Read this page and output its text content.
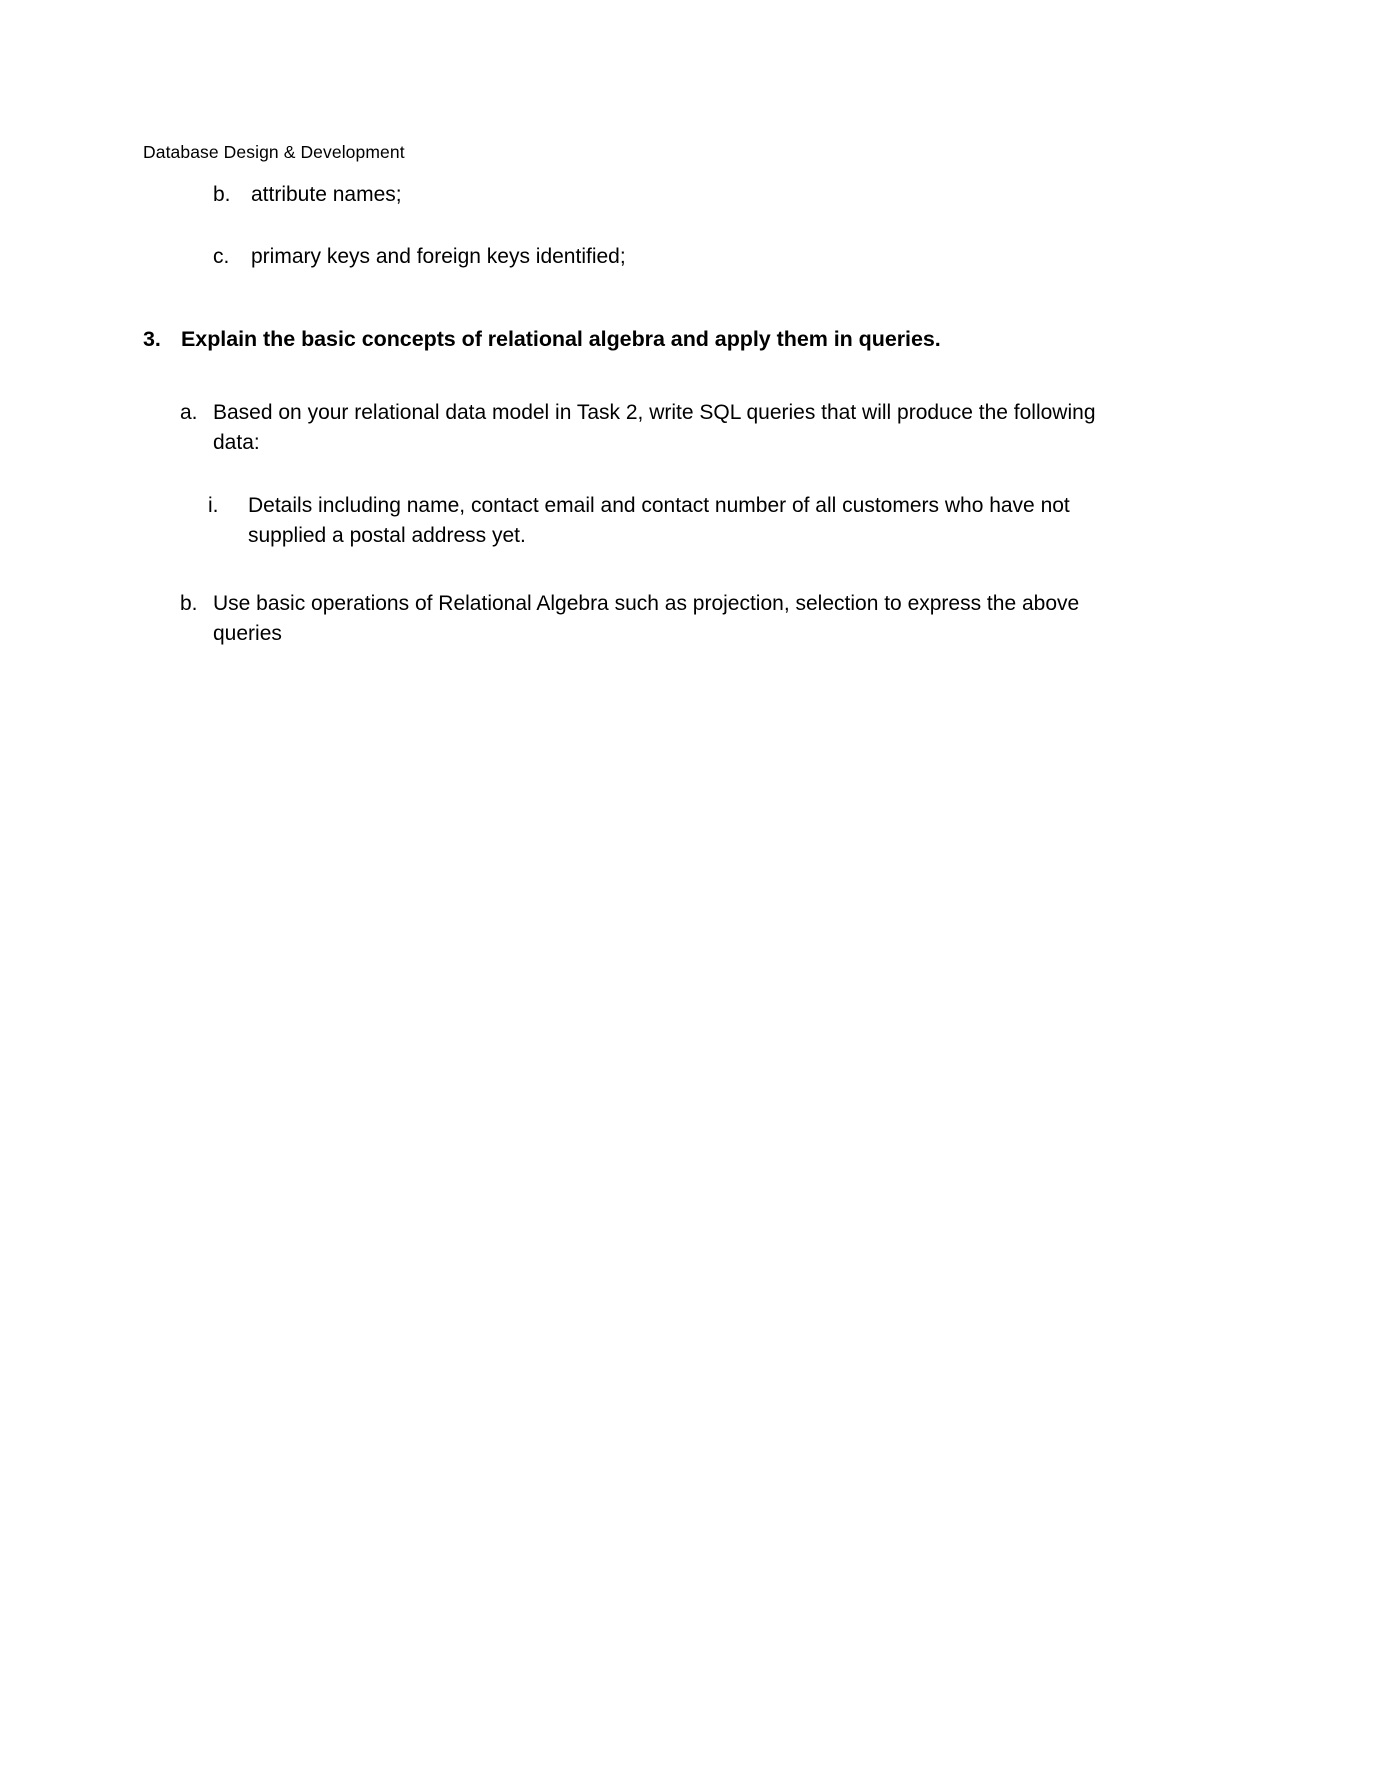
Database Design & Development
b. attribute names;
c.	primary keys and foreign keys identified;
3. Explain the basic concepts of relational algebra and apply them in queries.
a. Based on your relational data model in Task 2, write SQL queries that will produce the following data:
i.	Details including name, contact email and contact number of all customers who have not supplied a postal address yet.
b. Use basic operations of Relational Algebra such as projection, selection to express the above queries
